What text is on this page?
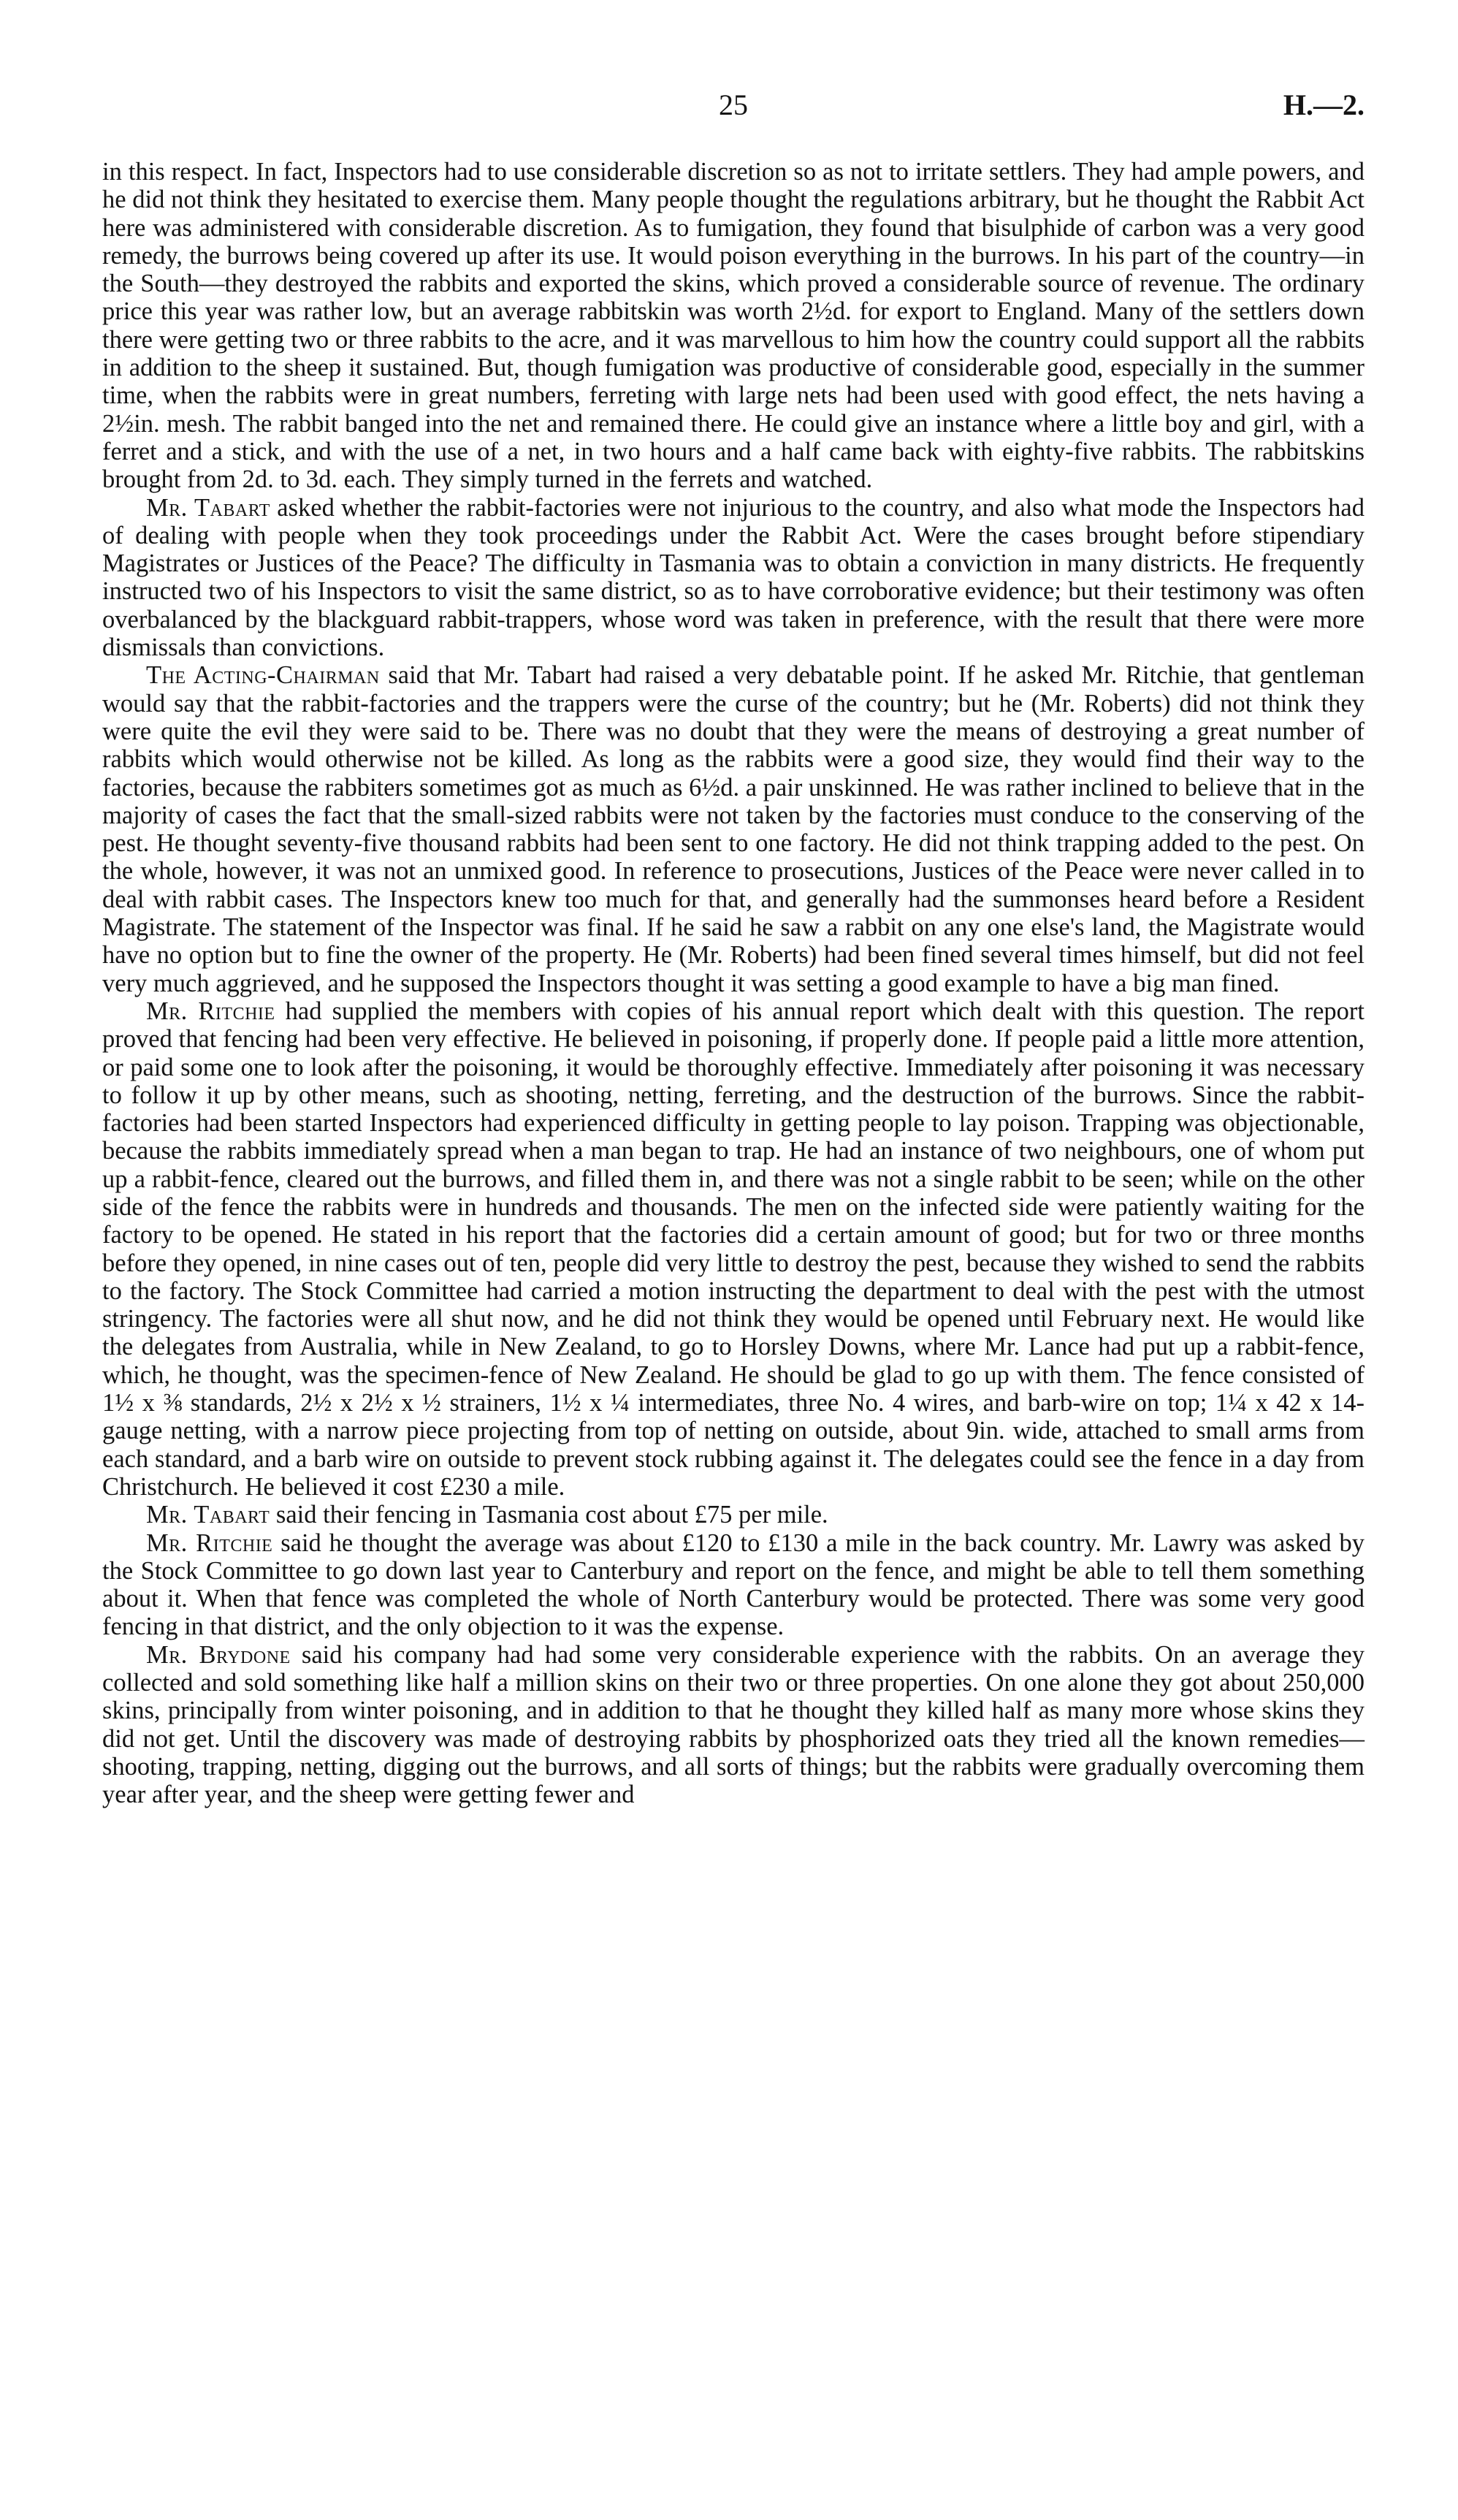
25	H.—2.

in this respect. In fact, Inspectors had to use considerable discretion so as not to irritate settlers. They had ample powers, and he did not think they hesitated to exercise them. Many people thought the regulations arbitrary, but he thought the Rabbit Act here was administered with considerable discretion. As to fumigation, they found that bisulphide of carbon was a very good remedy, the burrows being covered up after its use. It would poison everything in the burrows. In his part of the country—in the South—they destroyed the rabbits and exported the skins, which proved a considerable source of revenue. The ordinary price this year was rather low, but an average rabbitskin was worth 2½d. for export to England. Many of the settlers down there were getting two or three rabbits to the acre, and it was marvellous to him how the country could support all the rabbits in addition to the sheep it sustained. But, though fumigation was productive of considerable good, especially in the summer time, when the rabbits were in great numbers, ferreting with large nets had been used with good effect, the nets having a 2½in. mesh. The rabbit banged into the net and remained there. He could give an instance where a little boy and girl, with a ferret and a stick, and with the use of a net, in two hours and a half came back with eighty-five rabbits. The rabbitskins brought from 2d. to 3d. each. They simply turned in the ferrets and watched.

Mr. Tabart asked whether the rabbit-factories were not injurious to the country, and also what mode the Inspectors had of dealing with people when they took proceedings under the Rabbit Act. Were the cases brought before stipendiary Magistrates or Justices of the Peace? The difficulty in Tasmania was to obtain a conviction in many districts. He frequently instructed two of his Inspectors to visit the same district, so as to have corroborative evidence; but their testimony was often overbalanced by the blackguard rabbit-trappers, whose word was taken in preference, with the result that there were more dismissals than convictions.

The Acting-Chairman said that Mr. Tabart had raised a very debatable point. If he asked Mr. Ritchie, that gentleman would say that the rabbit-factories and the trappers were the curse of the country; but he (Mr. Roberts) did not think they were quite the evil they were said to be. There was no doubt that they were the means of destroying a great number of rabbits which would otherwise not be killed. As long as the rabbits were a good size, they would find their way to the factories, because the rabbiters sometimes got as much as 6½d. a pair unskinned. He was rather inclined to believe that in the majority of cases the fact that the small-sized rabbits were not taken by the factories must conduce to the conserving of the pest. He thought seventy-five thousand rabbits had been sent to one factory. He did not think trapping added to the pest. On the whole, however, it was not an unmixed good. In reference to prosecutions, Justices of the Peace were never called in to deal with rabbit cases. The Inspectors knew too much for that, and generally had the summonses heard before a Resident Magistrate. The statement of the Inspector was final. If he said he saw a rabbit on any one else's land, the Magistrate would have no option but to fine the owner of the property. He (Mr. Roberts) had been fined several times himself, but did not feel very much aggrieved, and he supposed the Inspectors thought it was setting a good example to have a big man fined.

Mr. Ritchie had supplied the members with copies of his annual report which dealt with this question. The report proved that fencing had been very effective. He believed in poisoning, if properly done. If people paid a little more attention, or paid some one to look after the poisoning, it would be thoroughly effective. Immediately after poisoning it was necessary to follow it up by other means, such as shooting, netting, ferreting, and the destruction of the burrows. Since the rabbit-factories had been started Inspectors had experienced difficulty in getting people to lay poison. Trapping was objectionable, because the rabbits immediately spread when a man began to trap. He had an instance of two neighbours, one of whom put up a rabbit-fence, cleared out the burrows, and filled them in, and there was not a single rabbit to be seen; while on the other side of the fence the rabbits were in hundreds and thousands. The men on the infected side were patiently waiting for the factory to be opened. He stated in his report that the factories did a certain amount of good; but for two or three months before they opened, in nine cases out of ten, people did very little to destroy the pest, because they wished to send the rabbits to the factory. The Stock Committee had carried a motion instructing the department to deal with the pest with the utmost stringency. The factories were all shut now, and he did not think they would be opened until February next. He would like the delegates from Australia, while in New Zealand, to go to Horsley Downs, where Mr. Lance had put up a rabbit-fence, which, he thought, was the specimen-fence of New Zealand. He should be glad to go up with them. The fence consisted of 1½ x ⅜ standards, 2½ x 2½ x ½ strainers, 1½ x ¼ intermediates, three No. 4 wires, and barb-wire on top; 1¼ x 42 x 14-gauge netting, with a narrow piece projecting from top of netting on outside, about 9in. wide, attached to small arms from each standard, and a barb wire on outside to prevent stock rubbing against it. The delegates could see the fence in a day from Christchurch. He believed it cost £230 a mile.

Mr. Tabart said their fencing in Tasmania cost about £75 per mile.

Mr. Ritchie said he thought the average was about £120 to £130 a mile in the back country. Mr. Lawry was asked by the Stock Committee to go down last year to Canterbury and report on the fence, and might be able to tell them something about it. When that fence was completed the whole of North Canterbury would be protected. There was some very good fencing in that district, and the only objection to it was the expense.

Mr. Brydone said his company had had some very considerable experience with the rabbits. On an average they collected and sold something like half a million skins on their two or three properties. On one alone they got about 250,000 skins, principally from winter poisoning, and in addition to that he thought they killed half as many more whose skins they did not get. Until the discovery was made of destroying rabbits by phosphorized oats they tried all the known remedies—shooting, trapping, netting, digging out the burrows, and all sorts of things; but the rabbits were gradually overcoming them year after year, and the sheep were getting fewer and
